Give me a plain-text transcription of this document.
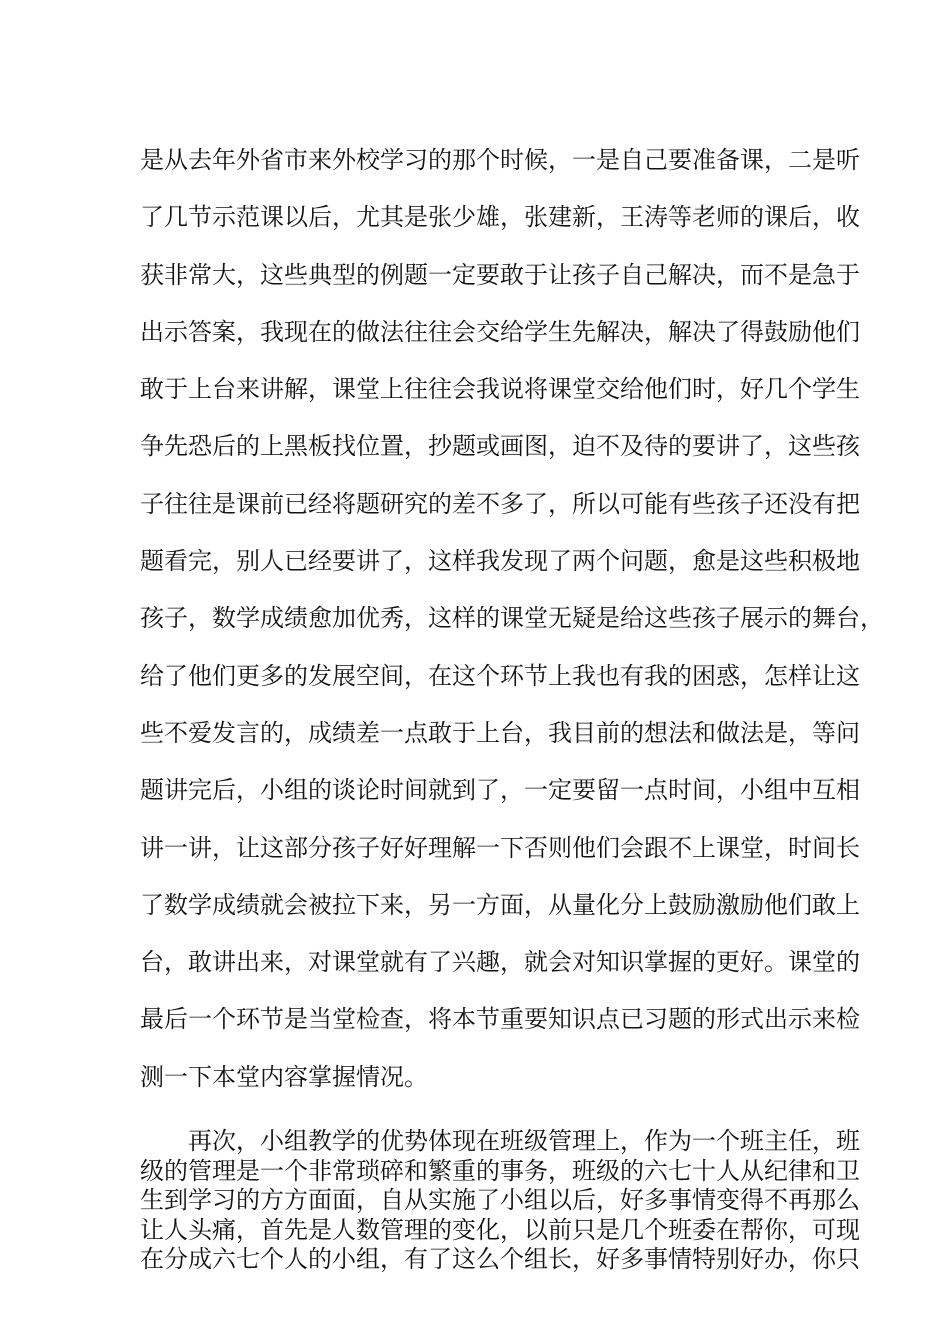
是从去年外省市来外校学习的那个时候，一是自己要准备课，二是听
了几节示范课以后，尤其是张少雄，张建新，王涛等老师的课后，收
获非常大，这些典型的例题一定要敢于让孩子自己解决，而不是急于
出示答案，我现在的做法往往会交给学生先解决，解决了得鼓励他们
敢于上台来讲解，课堂上往往会我说将课堂交给他们时，好几个学生
争先恐后的上黑板找位置，抄题或画图，迫不及待的要讲了，这些孩
子往往是课前已经将题研究的差不多了，所以可能有些孩子还没有把
题看完，别人已经要讲了，这样我发现了两个问题，愈是这些积极地
孩子，数学成绩愈加优秀，这样的课堂无疑是给这些孩子展示的舞台，
给了他们更多的发展空间，在这个环节上我也有我的困惑，怎样让这
些不爱发言的，成绩差一点敢于上台，我目前的想法和做法是，等问
题讲完后，小组的谈论时间就到了，一定要留一点时间，小组中互相
讲一讲，让这部分孩子好好理解一下否则他们会跟不上课堂，时间长
了数学成绩就会被拉下来，另一方面，从量化分上鼓励激励他们敢上
台，敢讲出来，对课堂就有了兴趣，就会对知识掌握的更好。课堂的
最后一个环节是当堂检查，将本节重要知识点已习题的形式出示来检
测一下本堂内容掌握情况。
　　再次，小组教学的优势体现在班级管理上，作为一个班主任，班
级的管理是一个非常琐碎和繁重的事务，班级的六七十人从纪律和卫
生到学习的方方面面，自从实施了小组以后，好多事情变得不再那么
让人头痛，首先是人数管理的变化，以前只是几个班委在帮你，可现
在分成六七个人的小组，有了这么个组长，好多事情特别好办，你只
